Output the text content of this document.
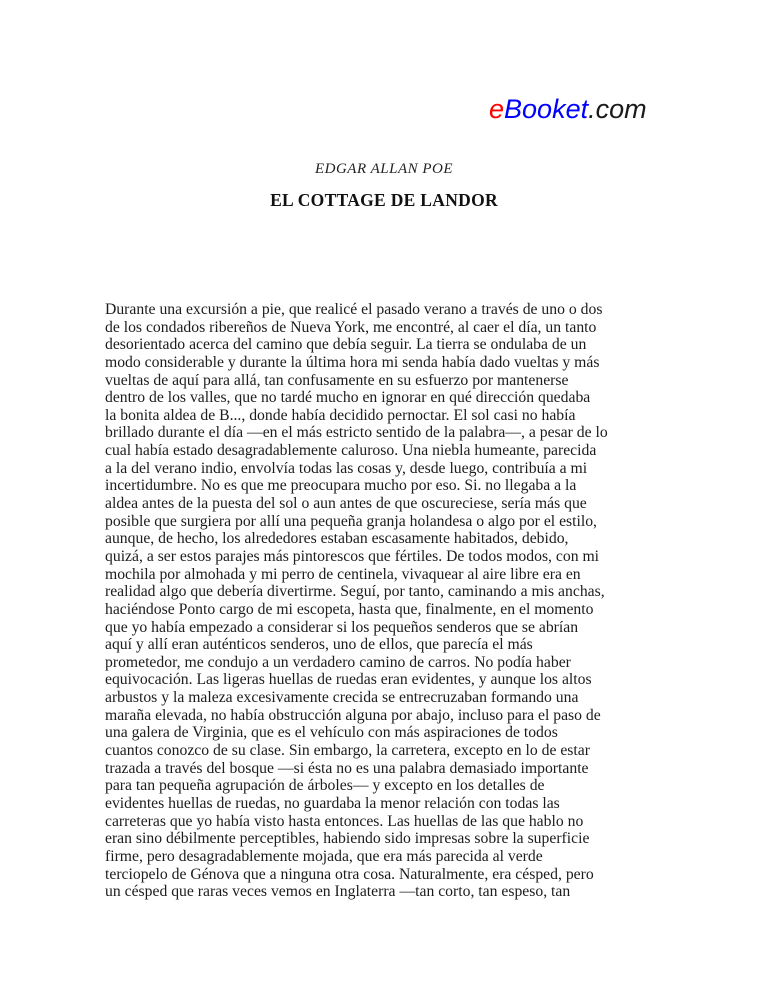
eBooket.com
EDGAR ALLAN POE
EL COTTAGE DE LANDOR
Durante una excursión a pie, que realicé el pasado verano a través de uno o dos
de los condados ribereños de Nueva York, me encontré, al caer el día, un tanto
desorientado acerca del camino que debía seguir. La tierra se ondulaba de un
modo considerable y durante la última hora mi senda había dado vueltas y más
vueltas de aquí para allá, tan confusamente en su esfuerzo por mantenerse
dentro de los valles, que no tardé mucho en ignorar en qué dirección quedaba
la bonita aldea de B..., donde había decidido pernoctar. El sol casi no había
brillado durante el día —en el más estricto sentido de la palabra—, a pesar de lo
cual había estado desagradablemente caluroso. Una niebla humeante, parecida
a la del verano indio, envolvía todas las cosas y, desde luego, contribuía a mi
incertidumbre. No es que me preocupara mucho por eso. Si. no llegaba a la
aldea antes de la puesta del sol o aun antes de que oscureciese, sería más que
posible que surgiera por allí una pequeña granja holandesa o algo por el estilo,
aunque, de hecho, los alrededores estaban escasamente habitados, debido,
quizá, a ser estos parajes más pintorescos que fértiles. De todos modos, con mi
mochila por almohada y mi perro de centinela, vivaquear al aire libre era en
realidad algo que debería divertirme. Seguí, por tanto, caminando a mis anchas,
haciéndose Ponto cargo de mi escopeta, hasta que, finalmente, en el momento
que yo había empezado a considerar si los pequeños senderos que se abrían
aquí y allí eran auténticos senderos, uno de ellos, que parecía el más
prometedor, me condujo a un verdadero camino de carros. No podía haber
equivocación. Las ligeras huellas de ruedas eran evidentes, y aunque los altos
arbustos y la maleza excesivamente crecida se entrecruzaban formando una
maraña elevada, no había obstrucción alguna por abajo, incluso para el paso de
una galera de Virginia, que es el vehículo con más aspiraciones de todos
cuantos conozco de su clase. Sin embargo, la carretera, excepto en lo de estar
trazada a través del bosque —si ésta no es una palabra demasiado importante
para tan pequeña agrupación de árboles— y excepto en los detalles de
evidentes huellas de ruedas, no guardaba la menor relación con todas las
carreteras que yo había visto hasta entonces. Las huellas de las que hablo no
eran sino débilmente perceptibles, habiendo sido impresas sobre la superficie
firme, pero desagradablemente mojada, que era más parecida al verde
terciopelo de Génova que a ninguna otra cosa. Naturalmente, era césped, pero
un césped que raras veces vemos en Inglaterra —tan corto, tan espeso, tan
